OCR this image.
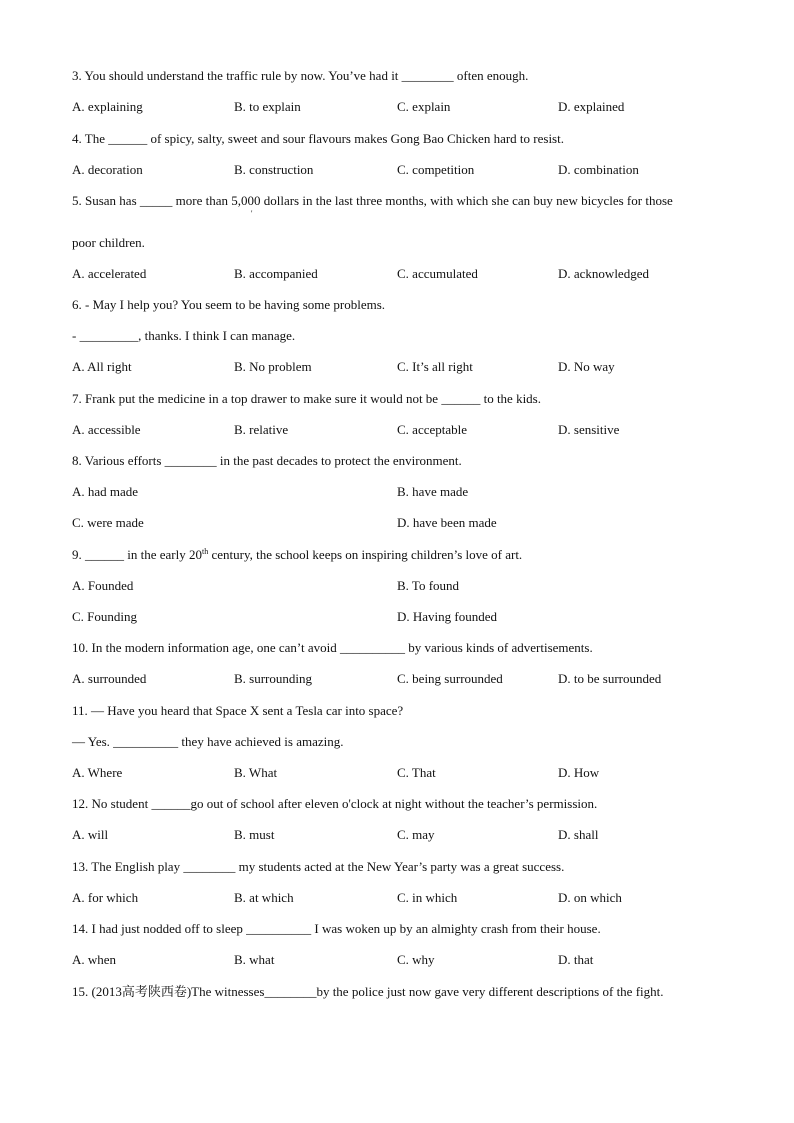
3. You should understand the traffic rule by now. You’ve had it ________ often enough.
A. explaining	B. to explain	C. explain	D. explained
4. The ______ of spicy, salty, sweet and sour flavours makes Gong Bao Chicken hard to resist.
A. decoration	B. construction	C. competition	D. combination
5. Susan has _____ more than 5,000 dollars in the last three months, with which she can buy new bicycles for those
'
poor children.
A. accelerated	B. accompanied	C. accumulated	D. acknowledged
6. - May I help you? You seem to be having some problems.
- _________, thanks. I think I can manage.
A. All right	B. No problem	C. It’s all right	D. No way
7. Frank put the medicine in a top drawer to make sure it would not be ______ to the kids.
A. accessible	B. relative	C. acceptable	D. sensitive
8. Various efforts ________ in the past decades to protect the environment.
A. had made	B. have made
C. were made	D. have been made
9. ______ in the early 20th century, the school keeps on inspiring children’s love of art.
A. Founded	B. To found
C. Founding	D. Having founded
10. In the modern information age, one can’t avoid __________ by various kinds of advertisements.
A. surrounded	B. surrounding	C. being surrounded	D. to be surrounded
11. — Have you heard that Space X sent a Tesla car into space?
— Yes. __________ they have achieved is amazing.
A. Where	B. What	C. That	D. How
12. No student ______go out of school after eleven o'clock at night without the teacher’s permission.
A. will	B. must	C. may	D. shall
13. The English play ________ my students acted at the New Year’s party was a great success.
A. for which	B. at which	C. in which	D. on which
14. I had just nodded off to sleep __________ I was woken up by an almighty crash from their house.
A. when	B. what	C. why	D. that
15. (2013高考陕西卷)The witnesses________by the police just now gave very different descriptions of the fight.
